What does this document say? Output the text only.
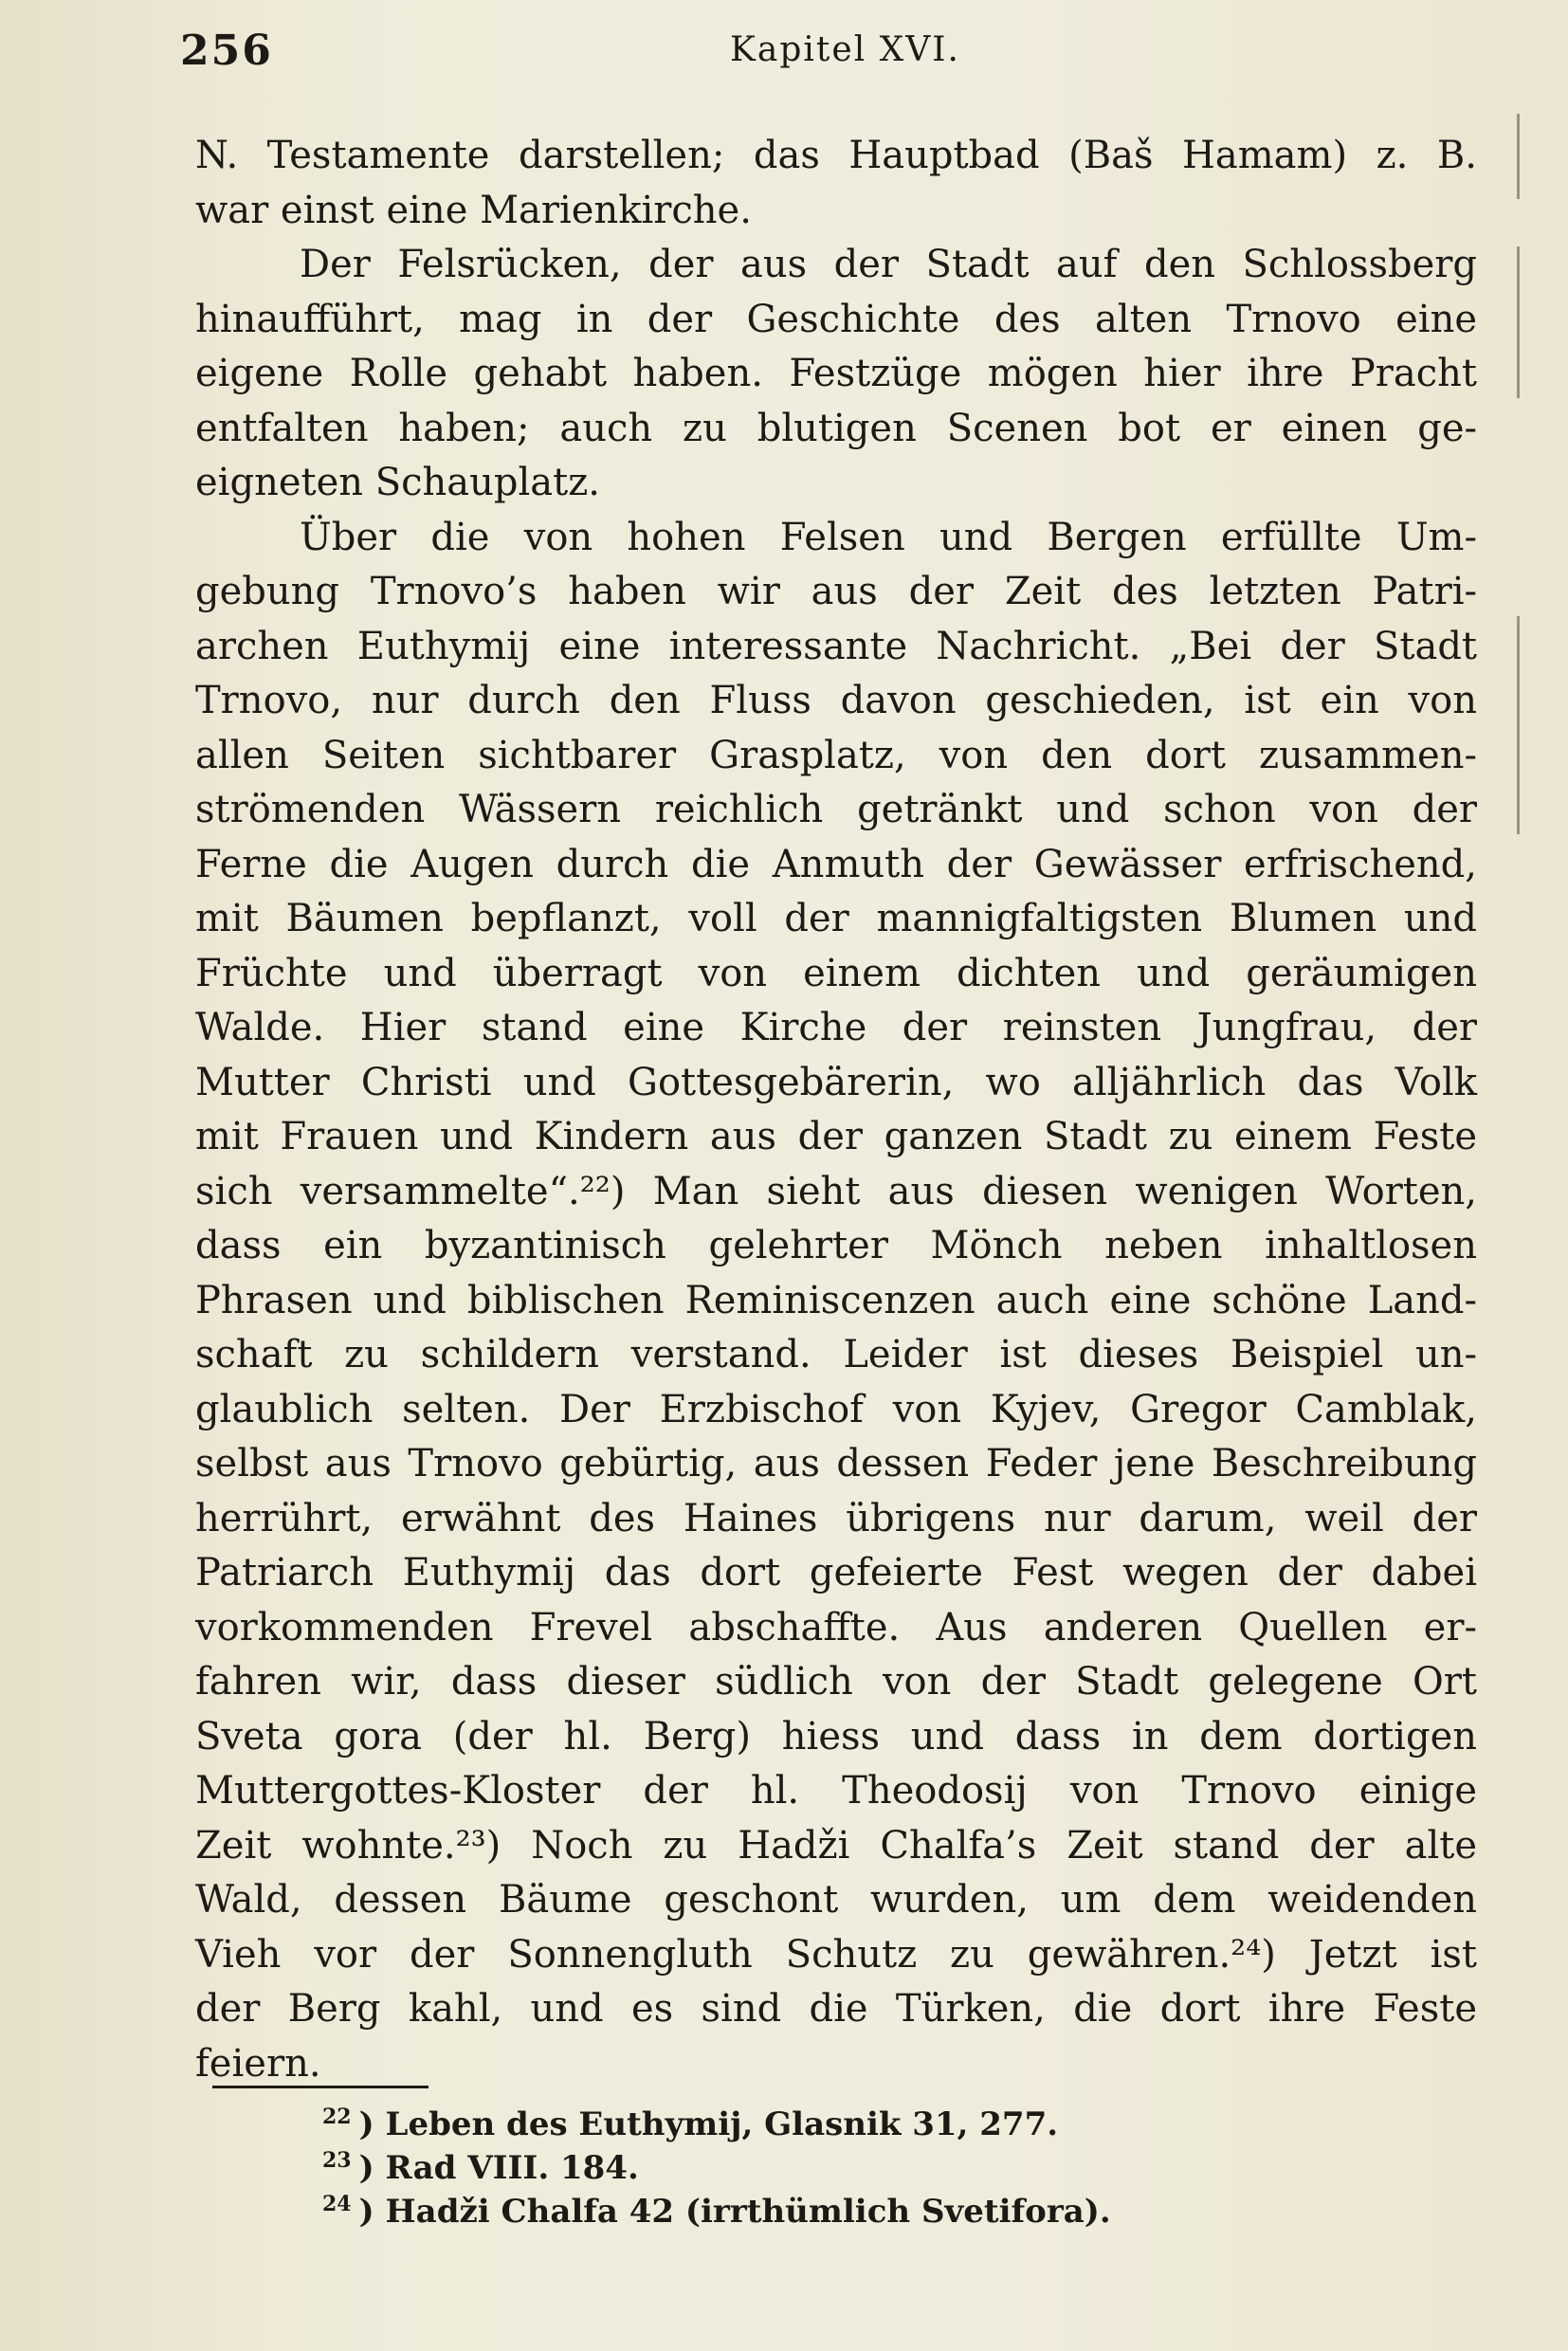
256	Kapitel XVI.
N. Testamente darstellen; das Hauptbad (Baš Hamam) z. B.
war einst eine Marienkirche.
Der Felsrücken, der aus der Stadt auf den Schlossberg
hinaufführt, mag in der Geschichte des alten Trnovo eine
eigene Rolle gehabt haben. Festzüge mögen hier ihre Pracht
entfalten haben; auch zu blutigen Scenen bot er einen ge-
eigneten Schauplatz.
Über die von hohen Felsen und Bergen erfüllte Um-
gebung Trnovo’s haben wir aus der Zeit des letzten Patri-
archen Euthymij eine interessante Nachricht. „Bei der Stadt
Trnovo, nur durch den Fluss davon geschieden, ist ein von
allen Seiten sichtbarer Grasplatz, von den dort zusammen-
strömenden Wässern reichlich getränkt und schon von der
Ferne die Augen durch die Anmuth der Gewässer erfrischend,
mit Bäumen bepflanzt, voll der mannigfaltigsten Blumen und
Früchte und überragt von einem dichten und geräumigen
Walde. Hier stand eine Kirche der reinsten Jungfrau, der
Mutter Christi und Gottesgebärerin, wo alljährlich das Volk
mit Frauen und Kindern aus der ganzen Stadt zu einem Feste
sich versammelte“.²²) Man sieht aus diesen wenigen Worten,
dass ein byzantinisch gelehrter Mönch neben inhaltlosen
Phrasen und biblischen Reminiscenzen auch eine schöne Land-
schaft zu schildern verstand. Leider ist dieses Beispiel un-
glaublich selten. Der Erzbischof von Kyjev, Gregor Camblak,
selbst aus Trnovo gebürtig, aus dessen Feder jene Beschreibung
herrührt, erwähnt des Haines übrigens nur darum, weil der
Patriarch Euthymij das dort gefeierte Fest wegen der dabei
vorkommenden Frevel abschaffte. Aus anderen Quellen er-
fahren wir, dass dieser südlich von der Stadt gelegene Ort
Sveta gora (der hl. Berg) hiess und dass in dem dortigen
Muttergottes-Kloster der hl. Theodosij von Trnovo einige
Zeit wohnte.²³) Noch zu Hadži Chalfa’s Zeit stand der alte
Wald, dessen Bäume geschont wurden, um dem weidenden
Vieh vor der Sonnengluth Schutz zu gewähren.²⁴) Jetzt ist
der Berg kahl, und es sind die Türken, die dort ihre Feste
feiern.
$^{22}$ ) Leben des Euthymij, Glasnik 31, 277.
$^{23}$ ) Rad VIII. 184.
$^{24}$ ) Hadži Chalfa 42 (irrthümlich Svetifora).
